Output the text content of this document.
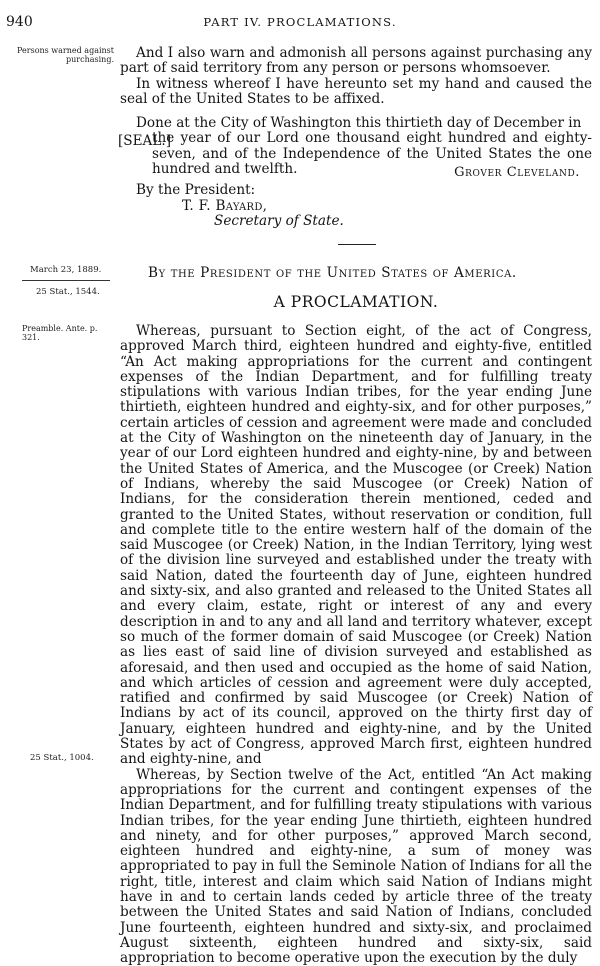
940	PART IV. PROCLAMATIONS.
Persons warned against purchasing.
March 23, 1889.
25 Stat., 1544.
Preamble. Ante. p. 321.
25 Stat., 1004.
And I also warn and admonish all persons against purchasing any part of said territory from any person or persons whomsoever.
In witness whereof I have hereunto set my hand and caused the seal of the United States to be affixed.
Done at the City of Washington this thirtieth day of December in
the year of our Lord one thousand eight hundred and eighty-seven, and of the Independence of the United States the one hundred and twelfth.
[SEAL.]
Grover Cleveland.
By the President:
T. F. Bayard,
Secretary of State.
By the President of the United States of America.
A PROCLAMATION.
Whereas, pursuant to Section eight, of the act of Congress, approved March third, eighteen hundred and eighty-five, entitled “An Act making appropriations for the current and contingent expenses of the Indian Department, and for fulfilling treaty stipulations with various Indian tribes, for the year ending June thirtieth, eighteen hundred and eighty-six, and for other purposes,” certain articles of cession and agreement were made and concluded at the City of Washington on the nineteenth day of January, in the year of our Lord eighteen hundred and eighty-nine, by and between the United States of America, and the Muscogee (or Creek) Nation of Indians, whereby the said Muscogee (or Creek) Nation of Indians, for the consideration therein mentioned, ceded and granted to the United States, without reservation or condition, full and complete title to the entire western half of the domain of the said Muscogee (or Creek) Nation, in the Indian Territory, lying west of the division line surveyed and established under the treaty with said Nation, dated the fourteenth day of June, eighteen hundred and sixty-six, and also granted and released to the United States all and every claim, estate, right or interest of any and every description in and to any and all land and territory whatever, except so much of the former domain of said Muscogee (or Creek) Nation as lies east of said line of division surveyed and established as aforesaid, and then used and occupied as the home of said Nation, and which articles of cession and agreement were duly accepted, ratified and confirmed by said Muscogee (or Creek) Nation of Indians by act of its council, approved on the thirty first day of January, eighteen hundred and eighty-nine, and by the United States by act of Congress, approved March first, eighteen hundred and eighty-nine, and
Whereas, by Section twelve of the Act, entitled “An Act making appropriations for the current and contingent expenses of the Indian Department, and for fulfilling treaty stipulations with various Indian tribes, for the year ending June thirtieth, eighteen hundred and ninety, and for other purposes,” approved March second, eighteen hundred and eighty-nine, a sum of money was appropriated to pay in full the Seminole Nation of Indians for all the right, title, interest and claim which said Nation of Indians might have in and to certain lands ceded by article three of the treaty between the United States and said Nation of Indians, concluded June fourteenth, eighteen hundred and sixty-six, and proclaimed August sixteenth, eighteen hundred and sixty-six, said appropriation to become operative upon the execution by the duly
